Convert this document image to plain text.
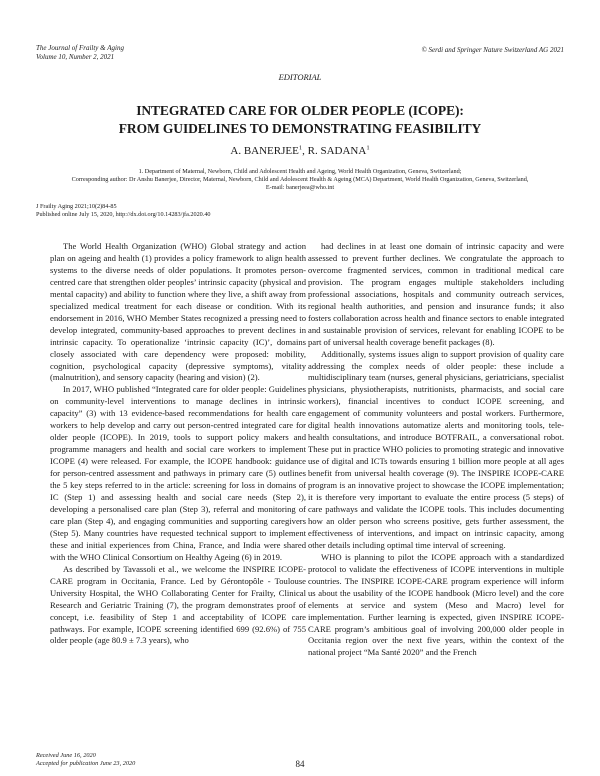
The Journal of Frailty & Aging
Volume 10, Number 2, 2021
© Serdi and Springer Nature Switzerland AG 2021
EDITORIAL
INTEGRATED CARE FOR OLDER PEOPLE (ICOPE):
FROM GUIDELINES TO DEMONSTRATING FEASIBILITY
A. BANERJEE$^1$, R. SADANA$^1$
1. Department of Maternal, Newborn, Child and Adolescent Health and Ageing, World Health Organization, Geneva, Switzerland;
Corresponding author: Dr Anshu Banerjee, Director, Maternal, Newborn, Child and Adolescent Health & Ageing (MCA) Department, World Health Organization, Geneva, Switzerland,
E-mail: banerjeea@who.int
J Frailty Aging 2021;10(2)84-85
Published online July 15, 2020, http://dx.doi.org/10.14283/jfa.2020.40

The World Health Organization (WHO) Global strategy and action plan on ageing and health (1) provides a policy framework to align health systems to the diverse needs of older populations. It promotes person-centred care that strengthen older peoples’ intrinsic capacity (physical and mental capacity) and ability to function where they live, a shift away from specialized medical treatment for each disease or condition. With its endorsement in 2016, WHO Member States recognized a pressing need to develop integrated, community-based approaches to prevent declines in intrinsic capacity. To operationalize ‘intrinsic capacity (IC)’, domains closely associated with care dependency were proposed: mobility, cognition, psychological capacity (depressive symptoms), vitality (malnutrition), and sensory capacity (hearing and vision) (2).

In 2017, WHO published “Integrated care for older people: Guidelines on community-level interventions to manage declines in intrinsic capacity” (3) with 13 evidence-based recommendations for health care workers to help develop and carry out person-centred integrated care for older people (ICOPE). In 2019, tools to support policy makers and programme managers and health and social care workers to implement ICOPE (4) were released. For example, the ICOPE handbook: guidance for person-centred assessment and pathways in primary care (5) outlines the 5 key steps referred to in the article: screening for loss in domains of IC (Step 1) and assessing health and social care needs (Step 2), developing a personalised care plan (Step 3), referral and monitoring of care plan (Step 4), and engaging communities and supporting caregivers (Step 5). Many countries have requested technical support to implement these and initial experiences from China, France, and India were shared with the WHO Clinical Consortium on Healthy Ageing (6) in 2019.

As described by Tavassoli et al., we welcome the INSPIRE ICOPE-CARE program in Occitania, France. Led by Gérontopôle - Toulouse University Hospital, the WHO Collaborating Center for Frailty, Clinical Research and Geriatric Training (7), the program demonstrates proof of concept, i.e. feasibility of Step 1 and acceptability of ICOPE care pathways. For example, ICOPE screening identified 699 (92.6%) of 755 older people (age 80.9 ± 7.3 years), who

had declines in at least one domain of intrinsic capacity and were assessed to prevent further declines. We congratulate the approach to overcome fragmented services, common in traditional medical care provision. The program engages multiple stakeholders including professional associations, hospitals and community outreach services, regional health authorities, and pension and insurance funds; it also fosters collaboration across health and finance sectors to enable integrated and sustainable provision of services, relevant for enabling ICOPE to be part of universal health coverage benefit packages (8).

Additionally, systems issues align to support provision of quality care addressing the complex needs of older people: these include a multidisciplinary team (nurses, general physicians, geriatricians, specialist physicians, physiotherapists, nutritionists, pharmacists, and social care workers), financial incentives to conduct ICOPE screening, and engagement of community volunteers and postal workers. Furthermore, digital health innovations automatize alerts and monitoring tools, tele-health consultations, and introduce BOTFRAIL, a conversational robot. These put in practice WHO policies to promoting strategic and innovative use of digital and ICTs towards ensuring 1 billion more people at all ages benefit from universal health coverage (9). The INSPIRE ICOPE-CARE program is an innovative project to showcase the ICOPE implementation; it is therefore very important to evaluate the entire process (5 steps) of care pathways and validate the ICOPE tools. This includes documenting how an older person who screens positive, gets further assessment, the effectiveness of interventions, and impact on intrinsic capacity, among other details including optimal time interval of screening.

WHO is planning to pilot the ICOPE approach with a standardized protocol to validate the effectiveness of ICOPE interventions in multiple countries. The INSPIRE ICOPE-CARE program experience will inform us about the usability of the ICOPE handbook (Micro level) and the core elements at service and system (Meso and Macro) level for implementation. Further learning is expected, given INSPIRE ICOPE-CARE program’s ambitious goal of involving 200,000 older people in Occitania region over the next five years, within the context of the national project “Ma Santé 2020” and the French

Received June 16, 2020
Accepted for publication June 23, 2020	84
